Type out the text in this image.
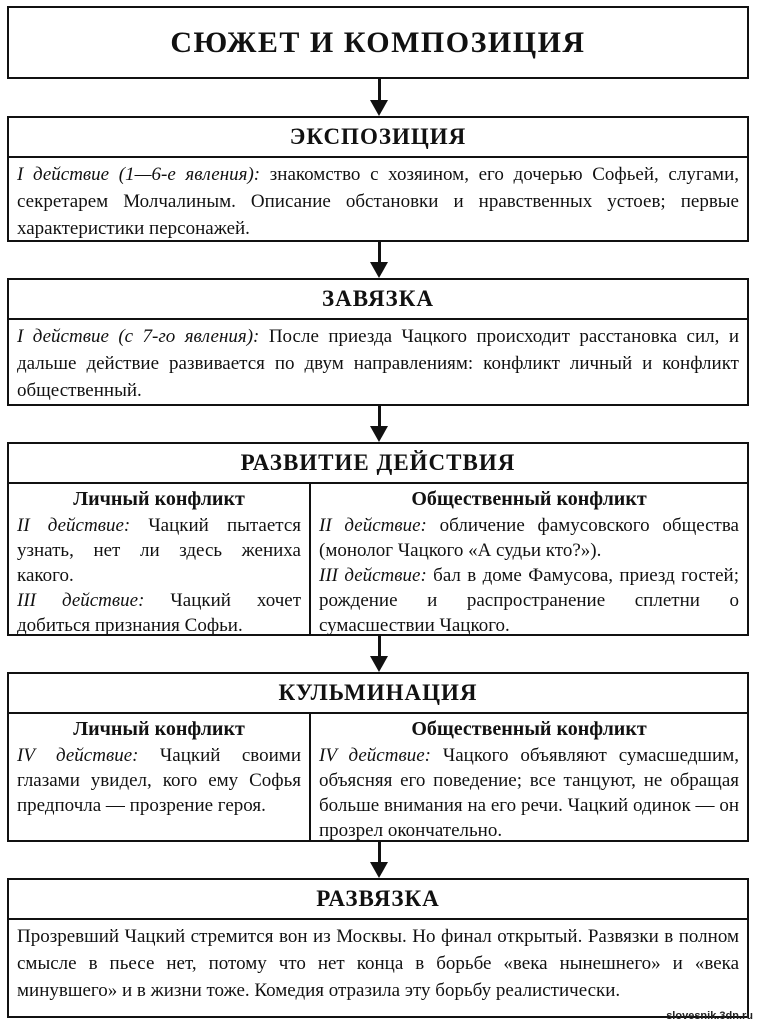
СЮЖЕТ И КОМПОЗИЦИЯ
ЭКСПОЗИЦИЯ
I действие (1—6-е явления): знакомство с хозяином, его дочерью Софьей, слугами, секретарем Молчалиным. Описание обстановки и нравственных устоев; первые характеристики персонажей.
ЗАВЯЗКА
I действие (с 7-го явления): После приезда Чацкого происходит расстановка сил, и дальше действие развивается по двум направлениям: конфликт личный и конфликт общественный.
РАЗВИТИЕ ДЕЙСТВИЯ
Личный конфликт

II действие: Чацкий пытается узнать, нет ли здесь жениха какого.

III действие: Чацкий хочет добиться признания Софьи.

Общественный конфликт

II действие: обличение фамусовского общества (монолог Чацкого «А судьи кто?»).

III действие: бал в доме Фамусова, приезд гостей; рождение и распространение сплетни о сумасшествии Чацкого.

КУЛЬМИНАЦИЯ
Личный конфликт

IV действие: Чацкий своими глазами увидел, кого ему Софья предпочла — прозрение героя.

Общественный конфликт

IV действие: Чацкого объявляют сумасшедшим, объясняя его поведение; все танцуют, не обращая больше внимания на его речи. Чацкий одинок — он прозрел окончательно.

РАЗВЯЗКА
Прозревший Чацкий стремится вон из Москвы. Но финал открытый. Развязки в полном смысле в пьесе нет, потому что нет конца в борьбе «века нынешнего» и «века минувшего» и в жизни тоже. Комедия отразила эту борьбу реалистически.
slovesnik.3dn.ru
